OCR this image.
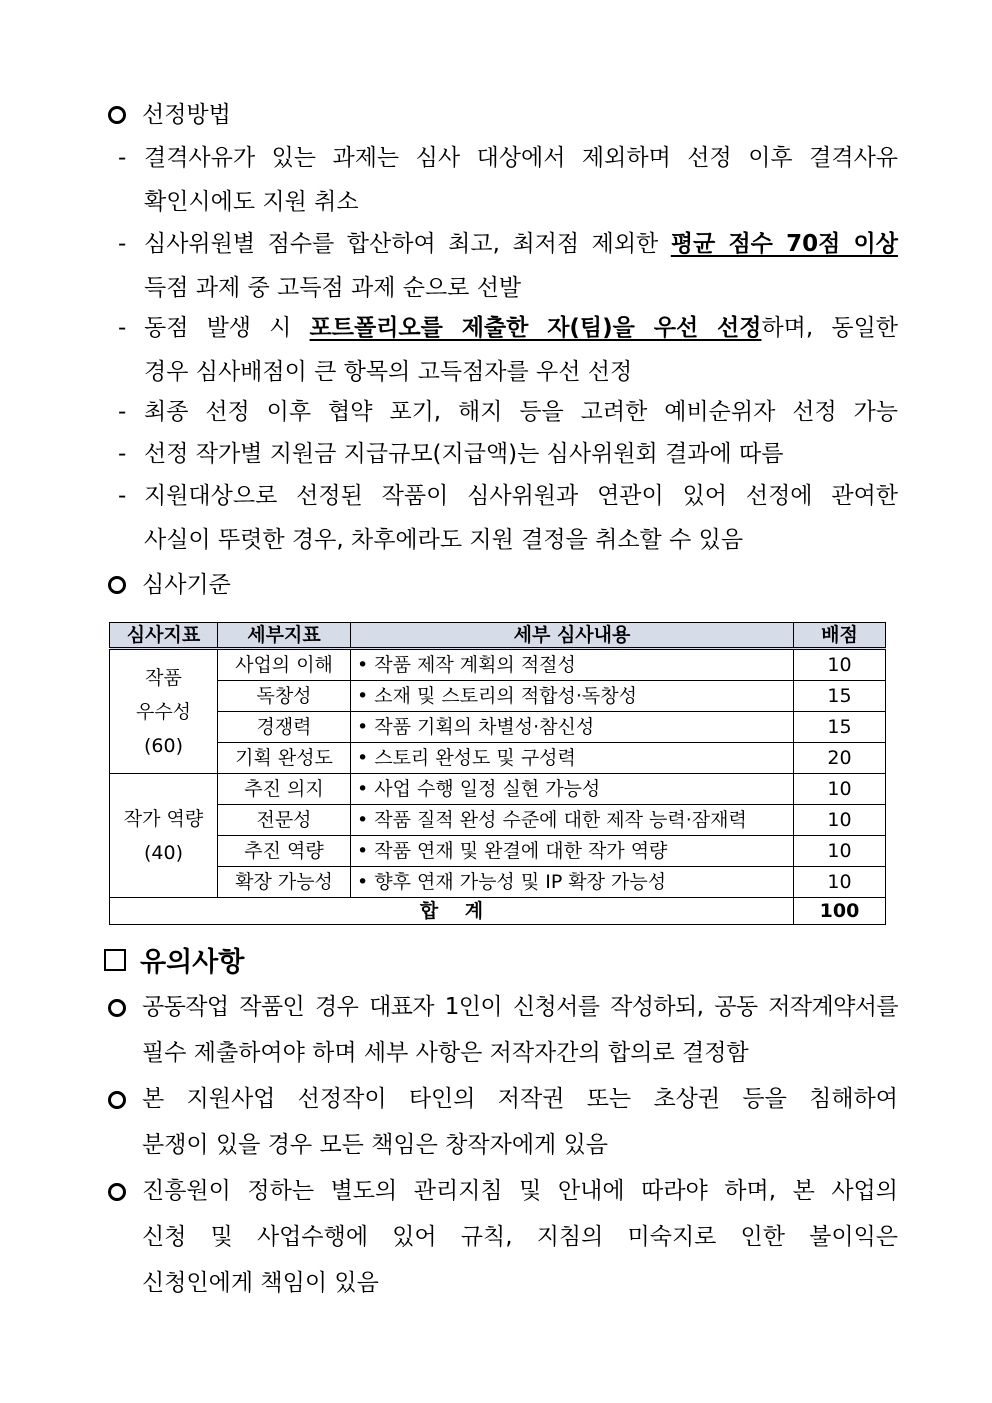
선정방법
- 결격사유가 있는 과제는 심사 대상에서 제외하며 선정 이후 결격사유
확인시에도 지원 취소
- 심사위원별 점수를 합산하여 최고, 최저점 제외한 평균 점수 70점 이상
득점 과제 중 고득점 과제 순으로 선발
- 동점 발생 시 포트폴리오를 제출한 자(팀)을 우선 선정하며, 동일한
경우 심사배점이 큰 항목의 고득점자를 우선 선정
- 최종 선정 이후 협약 포기, 해지 등을 고려한 예비순위자 선정 가능
- 선정 작가별 지원금 지급규모(지급액)는 심사위원회 결과에 따름
- 지원대상으로 선정된 작품이 심사위원과 연관이 있어 선정에 관여한
사실이 뚜렷한 경우, 차후에라도 지원 결정을 취소할 수 있음
심사기준
심사지표	세부지표	세부 심사내용	배점

작품
우수성
(60)	사업의 이해	• 작품 제작 계획의 적절성	10
	독창성	• 소재 및 스토리의 적합성·독창성	15
	경쟁력	• 작품 기획의 차별성·참신성	15
	기획 완성도	• 스토리 완성도 및 구성력	20

작가 역량
(40)	추진 의지	• 사업 수행 일정 실현 가능성	10
	전문성	• 작품 질적 완성 수준에 대한 제작 능력·잠재력	10
	추진 역량	• 작품 연재 및 완결에 대한 작가 역량	10
	확장 가능성	• 향후 연재 가능성 및 IP 확장 가능성	10
합    계			100
유의사항
공동작업 작품인 경우 대표자 1인이 신청서를 작성하되, 공동 저작계약서를
필수 제출하여야 하며 세부 사항은 저작자간의 합의로 결정함
본 지원사업 선정작이 타인의 저작권 또는 초상권 등을 침해하여
분쟁이 있을 경우 모든 책임은 창작자에게 있음
진흥원이 정하는 별도의 관리지침 및 안내에 따라야 하며, 본 사업의
신청 및 사업수행에 있어 규칙, 지침의 미숙지로 인한 불이익은
신청인에게 책임이 있음
